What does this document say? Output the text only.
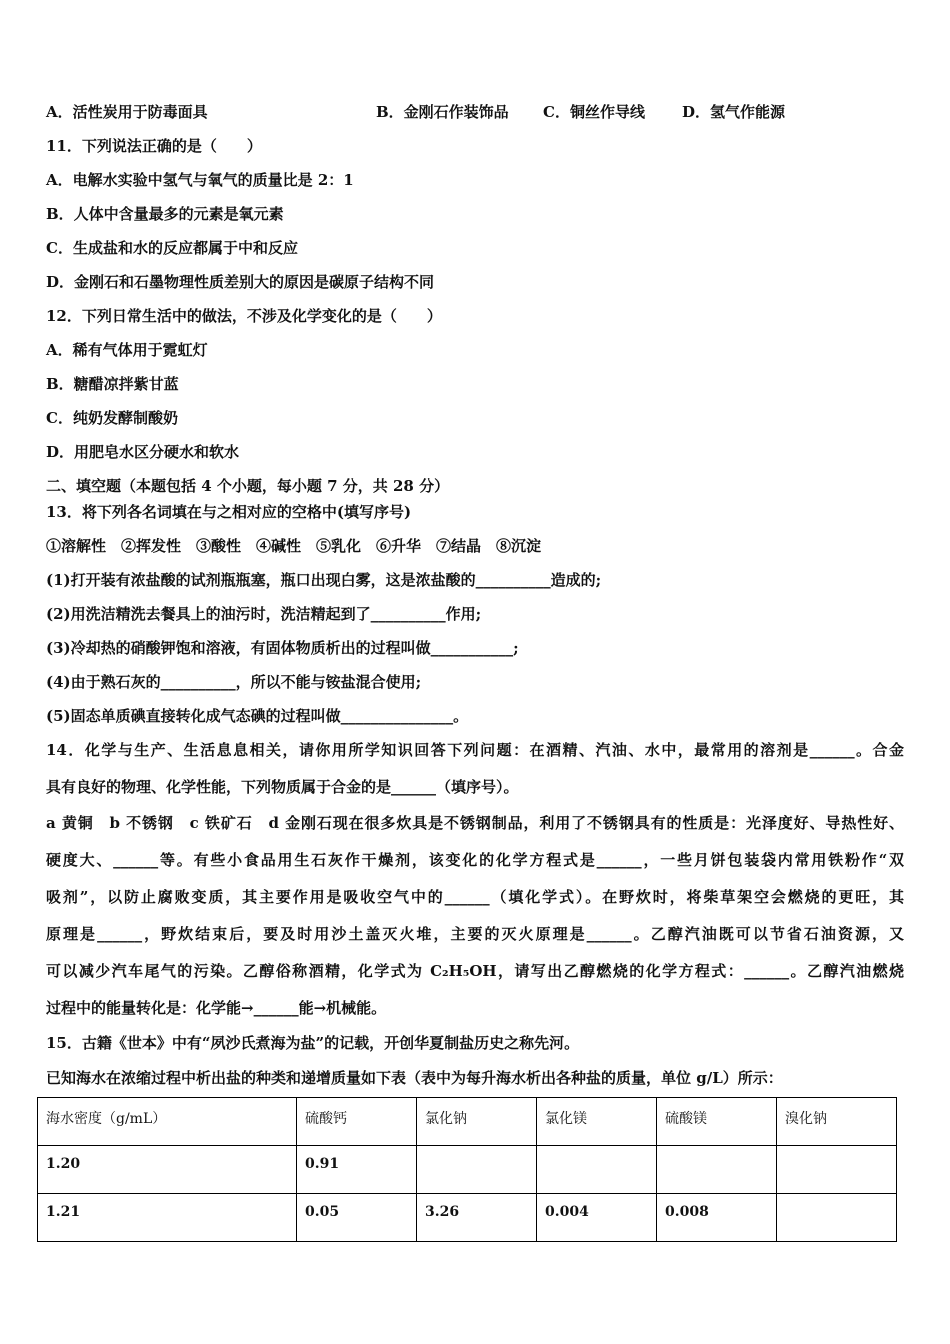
A．活性炭用于防毒面具	B．金刚石作装饰品 C．铜丝作导线 D．氢气作能源
11．下列说法正确的是（　　）
A．电解水实验中氢气与氧气的质量比是 2：1
B．人体中含量最多的元素是氧元素
C．生成盐和水的反应都属于中和反应
D．金刚石和石墨物理性质差别大的原因是碳原子结构不同
12．下列日常生活中的做法，不涉及化学变化的是（　　）
A．稀有气体用于霓虹灯
B．糖醋凉拌紫甘蓝
C．纯奶发酵制酸奶
D．用肥皂水区分硬水和软水
二、填空题（本题包括 4 个小题，每小题 7 分，共 28 分）
13．将下列各名词填在与之相对应的空格中(填写序号)
①溶解性　②挥发性　③酸性　④碱性　⑤乳化　⑥升华　⑦结晶　⑧沉淀
(1)打开装有浓盐酸的试剂瓶瓶塞，瓶口出现白雾，这是浓盐酸的__________造成的;
(2)用洗洁精洗去餐具上的油污时，洗洁精起到了__________作用;
(3)冷却热的硝酸钾饱和溶液，有固体物质析出的过程叫做___________;
(4)由于熟石灰的__________，所以不能与铵盐混合使用;
(5)固态单质碘直接转化成气态碘的过程叫做_______________。
14．化学与生产、生活息息相关，请你用所学知识回答下列问题：在酒精、汽油、水中，最常用的溶剂是______。合金
具有良好的物理、化学性能，下列物质属于合金的是______（填序号）。
a 黄铜　b 不锈钢　c 铁矿石　d 金刚石现在很多炊具是不锈钢制品，利用了不锈钢具有的性质是：光泽度好、导热性好、
硬度大、______等。有些小食品用生石灰作干燥剂，该变化的化学方程式是______，一些月饼包装袋内常用铁粉作“双
吸剂”，以防止腐败变质，其主要作用是吸收空气中的______（填化学式）。在野炊时，将柴草架空会燃烧的更旺，其
原理是______，野炊结束后，要及时用沙土盖灭火堆，主要的灭火原理是______。乙醇汽油既可以节省石油资源，又
可以减少汽车尾气的污染。乙醇俗称酒精，化学式为 C₂H₅OH，请写出乙醇燃烧的化学方程式：______。乙醇汽油燃烧
过程中的能量转化是：化学能→______能→机械能。
15．古籍《世本》中有“夙沙氏煮海为盐”的记载，开创华夏制盐历史之称先河。
已知海水在浓缩过程中析出盐的种类和递增质量如下表（表中为每升海水析出各种盐的质量，单位 g/L）所示：
海水密度（g/mL）	硫酸钙	氯化钠	氯化镁	硫酸镁	溴化钠
1.20	0.91				
1.21	0.05	3.26	0.004	0.008	
